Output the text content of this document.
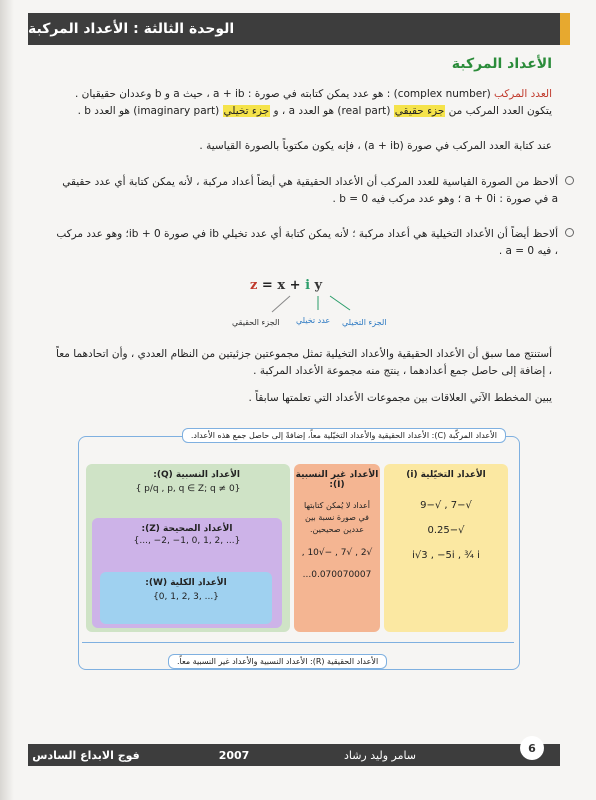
الوحدة الثالثة : الأعداد المركبة
الأعداد المركبة
العدد المركب (complex number) : هو عدد يمكن كتابته في صورة : a + ib ، حيث a و b وعددان حقيقيان .
يتكون العدد المركب من جزء حقيقي (real part) هو العدد a ، و جزء تخيلي (imaginary part) هو العدد b .
عند كتابة العدد المركب في صورة (a + ib) ، فإنه يكون مكتوباً بالصورة القياسية .
ألاحظ من الصورة القياسية للعدد المركب أن الأعداد الحقيقية هي أيضاً أعداد مركبة ، لأنه يمكن كتابة أي عدد حقيقي a في صورة : a + 0i ؛ وهو عدد مركب فيه b = 0 .
ألاحظ أيضاً أن الأعداد التخيلية هي أعداد مركبة ؛ لأنه يمكن كتابة أي عدد تخيلي ib في صورة 0 + ib؛ وهو عدد مركب ، فيه a = 0 .
z = x + i y
الجزء الحقيقي عدد تخيلي الجزء التخيلي
أستنتج مما سبق أن الأعداد الحقيقية والأعداد التخيلية تمثل مجموعتين جزئيتين من النظام العددي ، وأن اتحادهما معاً ، إضافة إلى حاصل جمع أعدادهما ، ينتج منه مجموعة الأعداد المركبة .
يبين المخطط الآتي العلاقات بين مجموعات الأعداد التي تعلمتها سابقاً .
الأعداد المركّبة (C): الأعداد الحقيقية والأعداد التخيّلية معاً، إضافةً إلى حاصل جمع هذه الأعداد.
الأعداد التخيّلية (i)
√−7 , √−9
√−0.25
i√3 , −5i , ¾ i
الأعداد غير النسبية (I):
أعداد لا يُمكن كتابتها في صورة نسبة بين عددين صحيحين.
√2 , √7 , −√10 ,
0.070070007...
الأعداد النسبية (Q):
{ p/q , p, q ∈ Z; q ≠ 0}
الأعداد الصحيحة (Z):
{..., −2, −1, 0, 1, 2, ...}
الأعداد الكلية (W):
{0, 1, 2, 3, ...}
الأعداد الحقيقية (R): الأعداد النسبية والأعداد غير النسبية معاً.
فوج الابداع السادس	2007	سامر وليد رشاد
6
